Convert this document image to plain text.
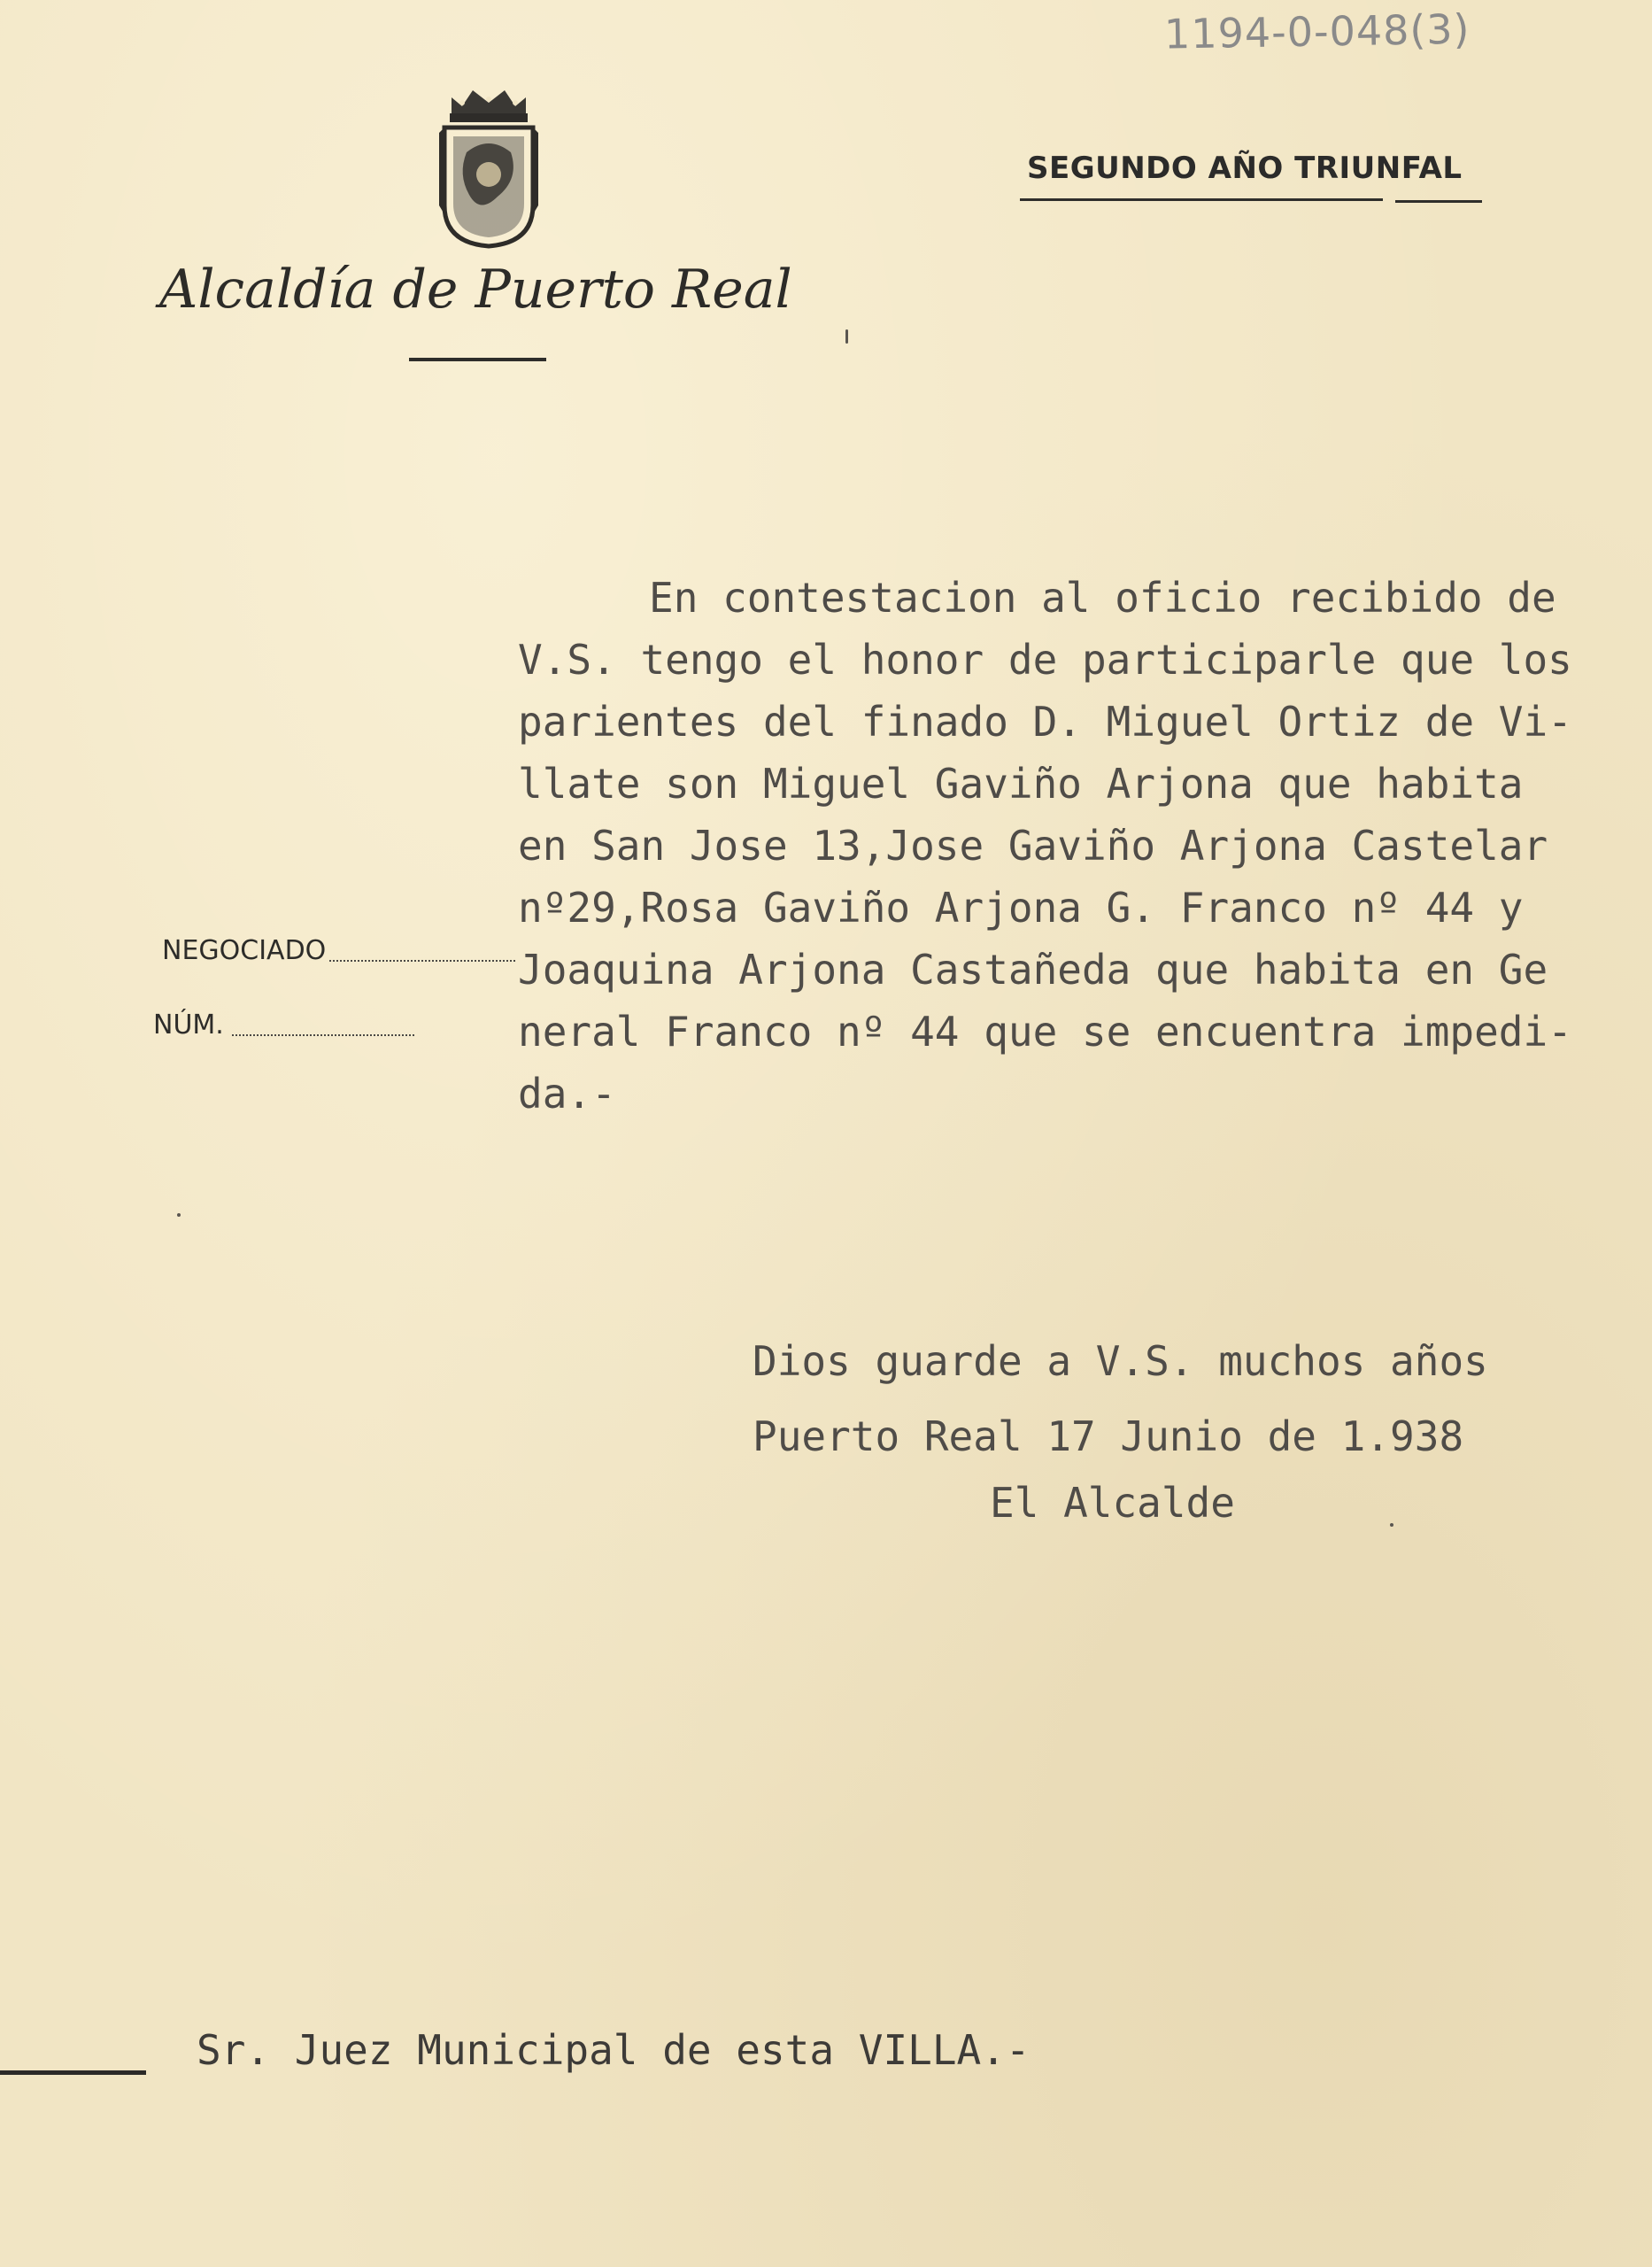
1194-0-048(3)
Alcaldía de Puerto Real
SEGUNDO AÑO TRIUNFAL
NEGOCIADO
NÚM.
En contestacion al oficio recibido de
V.S. tengo el honor de participarle que los
parientes del finado D. Miguel Ortiz de Vi-
llate son Miguel Gaviño Arjona que habita
en San Jose 13,Jose Gaviño Arjona Castelar
nº29,Rosa Gaviño Arjona G. Franco nº 44 y
Joaquina Arjona Castañeda que habita en Ge
neral Franco nº 44 que se encuentra impedi-
da.-
Dios guarde a V.S. muchos años
Puerto Real 17 Junio de 1.938
El Alcalde
Sr. Juez Municipal de esta VILLA.-
